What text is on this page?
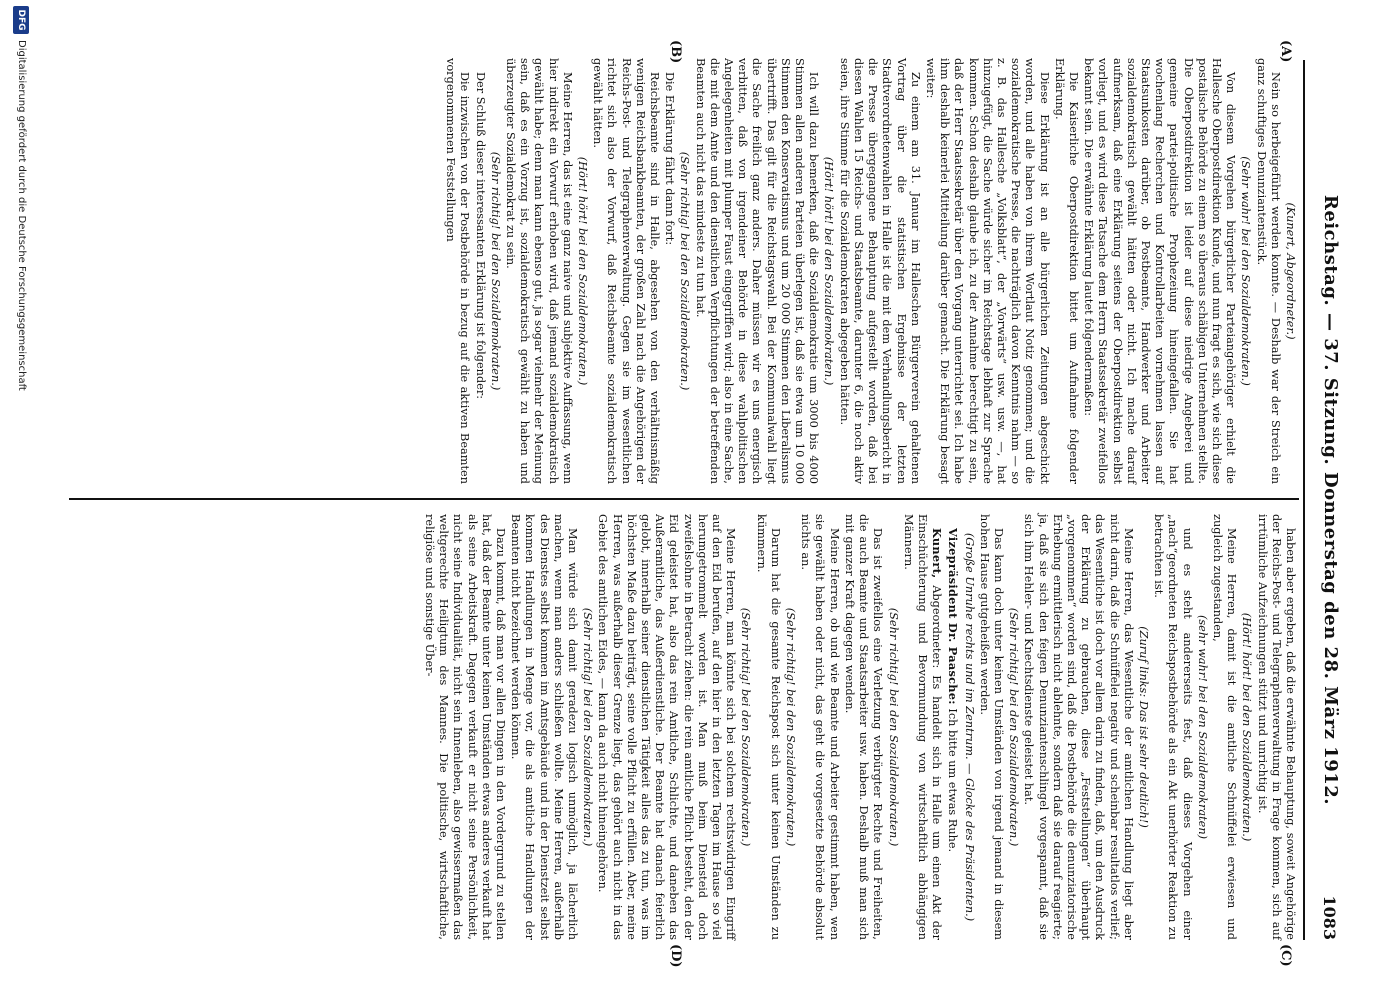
Reichstag. — 37. Sitzung. Donnerstag den 28. März 1912.
1083
(A)
(B)
(C)
(D)

(Kunert, Abgeordneter.)

Nein so herbeigeführt werden konnte. — Deshalb war der Streich ein ganz schuftiges Denunziantenstück.

(Sehr wahr! bei den Sozialdemokraten.)

Von diesem Vorgehen bürgerlicher Parteiangehöriger erhielt die Hallesche Oberpostdirektion Kunde, und nun fragt es sich, wie sich diese postalische Behörde zu einem so überaus schäbigen Unternehmen stellte. Die Oberpostdirektion ist leider auf diese niedrige Angeberei und gemeine partei-politische Prophezeiung hineingefallen. Sie hat wochenlang Recherchen und Kontrollarbeiten vornehmen lassen auf Staatsunkosten darüber, ob Postbeamte, Handwerker und Arbeiter sozialdemokratisch gewählt hätten oder nicht. Ich mache darauf aufmerksam, daß eine Erklärung seitens der Oberpostdirektion selbst vorliegt, und es wird diese Tatsache dem Herrn Staatssekretär zweifellos bekannt sein. Die erwähnte Erklärung lautet folgendermaßen:

Die Kaiserliche Oberpostdirektion bittet um Aufnahme folgender Erklärung.

Diese Erklärung ist an alle bürgerlichen Zeitungen abgeschickt worden, und alle haben von ihrem Wortlaut Notiz genommen; und die sozialdemokratische Presse, die nachträglich davon Kenntnis nahm — so z. B. das Hallesche „Volksblatt“, der „Vorwärts“ usw. usw. —, hat hinzugefügt, die Sache würde sicher im Reichstage lebhaft zur Sprache kommen. Schon deshalb glaube ich, zu der Annahme berechtigt zu sein, daß der Herr Staatssekretär über den Vorgang unterrichtet sei. Ich habe ihm deshalb keinerlei Mitteilung darüber gemacht. Die Erklärung besagt weiter:

Zu einem am 31. Januar im Halleschen Bürgerverein gehaltenen Vortrag über die statistischen Ergebnisse der letzten Stadtverordnetenwahlen in Halle ist die mit dem Verhandlungsbericht in die Presse übergegangene Behauptung aufgestellt worden, daß bei diesen Wahlen 15 Reichs- und Staatsbeamte, darunter 6, die noch aktiv seien, ihre Stimme für die Sozialdemokraten abgegeben hätten.

(Hört! hört! bei den Sozialdemokraten.)

Ich will dazu bemerken, daß die Sozialdemokratie um 3000 bis 4000 Stimmen allen anderen Parteien überlegen ist, daß sie etwa um 10 000 Stimmen den Konservatismus und um 20 000 Stimmen den Liberalismus übertrifft. Das gilt für die Reichstagswahl. Bei der Kommunalwahl liegt die Sache freilich ganz anders. Daher müssen wir es uns energisch verbitten, daß von irgendeiner Behörde in diese wahlpolitischen Angelegenheiten mit plumper Faust eingegriffen wird; also in eine Sache, die mit dem Amte und den dienstlichen Verpflichtungen der betreffenden Beamten auch nicht das mindeste zu tun hat.

(Sehr richtig! bei den Sozialdemokraten.)

Die Erklärung fährt dann fort:

Reichsbeamte sind in Halle, abgesehen von den verhältnismäßig wenigen Reichsbankbeamten, der großen Zahl nach die Angehörigen der Reichs-Post- und Telegraphenverwaltung. Gegen sie im wesentlichen richtet sich also der Vorwurf, daß Reichsbeamte sozialdemokratisch gewählt hätten.

(Hört! hört! bei den Sozialdemokraten.)

Meine Herren, das ist eine ganz naive und subjektive Auffassung, wenn hier indirekt ein Vorwurf erhoben wird, daß jemand sozialdemokratisch gewählt habe; denn man kann ebenso gut, ja sogar vielmehr der Meinung sein, daß es ein Vorzug ist, sozialdemokratisch gewählt zu haben und überzeugter Sozialdemokrat zu sein.

(Sehr richtig! bei den Sozialdemokraten.)

Der Schluß dieser interessanten Erklärung ist folgender:

Die inzwischen von der Postbehörde in bezug auf die aktiven Beamten vorgenommenen Feststellungen

haben aber ergeben, daß die erwähnte Behauptung, soweit Angehörige der Reichs-Post- und Telegraphenverwaltung in Frage kommen, sich auf irrtümliche Aufzeichnungen stützt und unrichtig ist.

(Hört! hört! bei den Sozialdemokraten.)

Meine Herren, damit ist die amtliche Schnüffelei erwiesen und zugleich zugestanden,

(sehr wahr! bei den Sozialdemokraten)

und es steht andererseits fest, daß dieses Vorgehen einer „nach“geordneten Reichspostbehörde als ein Akt unerhörter Reaktion zu betrachten ist.

(Zuruf links: Das ist sehr deutlich!)

Meine Herren, das Wesentliche der amtlichen Handlung liegt aber nicht darin, daß die Schnüffelei negativ und scheinbar resultatlos verlief; das Wesentliche ist doch vor allem darin zu finden, daß, um den Ausdruck der Erklärung zu gebrauchen, diese „Feststellungen“ überhaupt „vorgenommen“ worden sind, daß die Postbehörde die denunziatorische Erhebung ermittlerisch nicht ablehnte, sondern daß sie darauf reagierte; ja, daß sie sich den feigen Denunziantenschlingel vorgespannt, daß sie sich ihm Hehler- und Knechtsdienste geleistet hat.

(Sehr richtig! bei den Sozialdemokraten.)

Das kann doch unter keinen Umständen von irgend jemand in diesem hohen Hause gutgeheißen werden.

(Große Unruhe rechts und im Zentrum. — Glocke des Präsidenten.)

Vizepräsident Dr. Paasche: Ich bitte um etwas Ruhe.

Kunert, Abgeordneter: Es handelt sich in Halle um einen Akt der Einschüchterung und Bevormundung von wirtschaftlich abhängigen Männern.

(Sehr richtig! bei den Sozialdemokraten.)

Das ist zweifellos eine Verletzung verbürgter Rechte und Freiheiten, die auch Beamte und Staatsarbeiter usw. haben. Deshalb muß man sich mit ganzer Kraft dagegen wenden.

Meine Herren, ob und wie Beamte und Arbeiter gestimmt haben, wen sie gewählt haben oder nicht, das geht die vorgesetzte Behörde absolut nichts an.

(Sehr richtig! bei den Sozialdemokraten.)

Darum hat die gesamte Reichspost sich unter keinen Umständen zu kümmern.

(Sehr richtig! bei den Sozialdemokraten.)

Meine Herren, man könnte sich bei solchem rechtswidrigen Eingriff auf den Eid berufen, auf den hier in den letzten Tagen im Hause so viel herumgetrommelt worden ist. Man muß beim Diensteid doch zweifelsohne in Betracht ziehen: die rein amtliche Pflicht besteht, den der Eid geleistet hat, also das rein Amtliche, Schlichte, und daneben das Außeramtliche, das Außerdienstliche. Der Beamte hat danach feierlich gelobt, innerhalb seiner dienstlichen Tätigkeit alles das zu tun, was im höchsten Maße dazu beiträgt, seine volle Pflicht zu erfüllen. Aber, meine Herren, was außerhalb dieser Grenze liegt, das gehört auch nicht in das Gebiet des amtlichen Eides, — kann da auch nicht hineingehören.

(Sehr richtig! bei den Sozialdemokraten.)

Man würde sich damit geradezu logisch unmöglich, ja lächerlich machen, wenn man anders schließen wollte. Meine Herren, außerhalb des Dienstes selbst kommen im Amtsgebäude und in der Dienstzeit selbst kommen Handlungen in Menge vor, die als amtliche Handlungen der Beamten nicht bezeichnet werden können.

Dazu kommt, daß man vor allen Dingen in den Vordergrund zu stellen hat, daß der Beamte unter keinen Umständen etwas anderes verkauft hat als seine Arbeitskraft. Dagegen verkauft er nicht seine Persönlichkeit, nicht seine Individualität, nicht sein Innenleben, also gewissermaßen das weltgerechte Heiligtum des Mannes. Die politische, wirtschaftliche, religiöse und sonstige Über-

DFG
Digitalisierung gefördert durch die Deutsche Forschungsgemeinschaft
